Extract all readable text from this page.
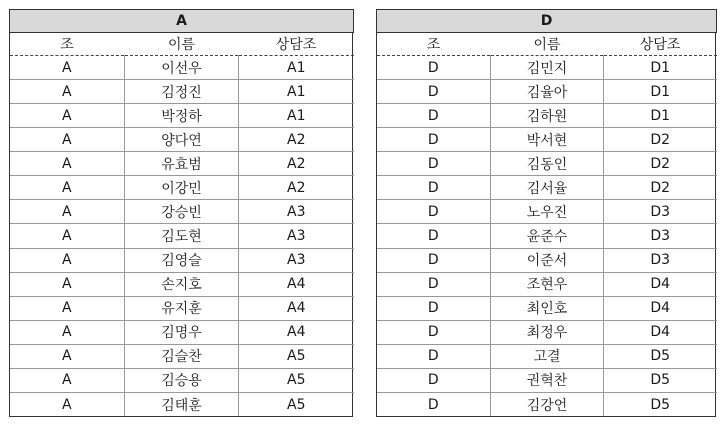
A		
조	이름	상담조
A	이선우	A1
A	김정진	A1
A	박정하	A1
A	양다연	A2
A	유효범	A2
A	이강민	A2
A	강승빈	A3
A	김도현	A3
A	김영슬	A3
A	손지호	A4
A	유지훈	A4
A	김명우	A4
A	김슬찬	A5
A	김승용	A5
A	김태훈	A5
D		
조	이름	상담조
D	김민지	D1
D	김율아	D1
D	김하원	D1
D	박서현	D2
D	김동인	D2
D	김서율	D2
D	노우진	D3
D	윤준수	D3
D	이준서	D3
D	조현우	D4
D	최인호	D4
D	최정우	D4
D	고결	D5
D	권혁찬	D5
D	김강언	D5
